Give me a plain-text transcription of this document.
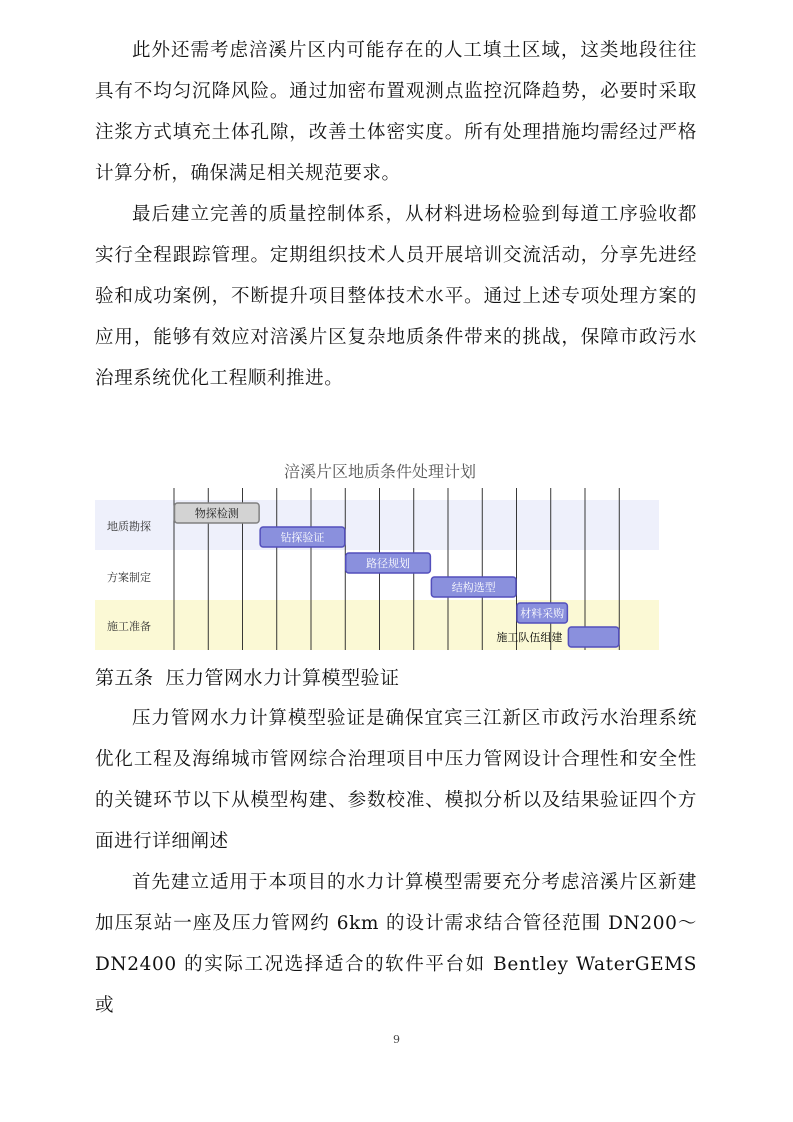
此外还需考虑涪溪片区内可能存在的人工填土区域，这类地段往往具有不均匀沉降风险。通过加密布置观测点监控沉降趋势，必要时采取注浆方式填充土体孔隙，改善土体密实度。所有处理措施均需经过严格计算分析，确保满足相关规范要求。

最后建立完善的质量控制体系，从材料进场检验到每道工序验收都实行全程跟踪管理。定期组织技术人员开展培训交流活动，分享先进经验和成功案例，不断提升项目整体技术水平。通过上述专项处理方案的应用，能够有效应对涪溪片区复杂地质条件带来的挑战，保障市政污水治理系统优化工程顺利推进。

涪溪片区地质条件处理计划
地质勘探
方案制定
施工准备
物探检测
钻探验证
路径规划
结构选型
材料采购
施工队伍组建
第五条 压力管网水力计算模型验证

压力管网水力计算模型验证是确保宜宾三江新区市政污水治理系统优化工程及海绵城市管网综合治理项目中压力管网设计合理性和安全性的关键环节以下从模型构建、参数校准、模拟分析以及结果验证四个方面进行详细阐述

首先建立适用于本项目的水力计算模型需要充分考虑涪溪片区新建加压泵站一座及压力管网约 6km 的设计需求结合管径范围 DN200～DN2400 的实际工况选择适合的软件平台如 Bentley WaterGEMS 或

9
